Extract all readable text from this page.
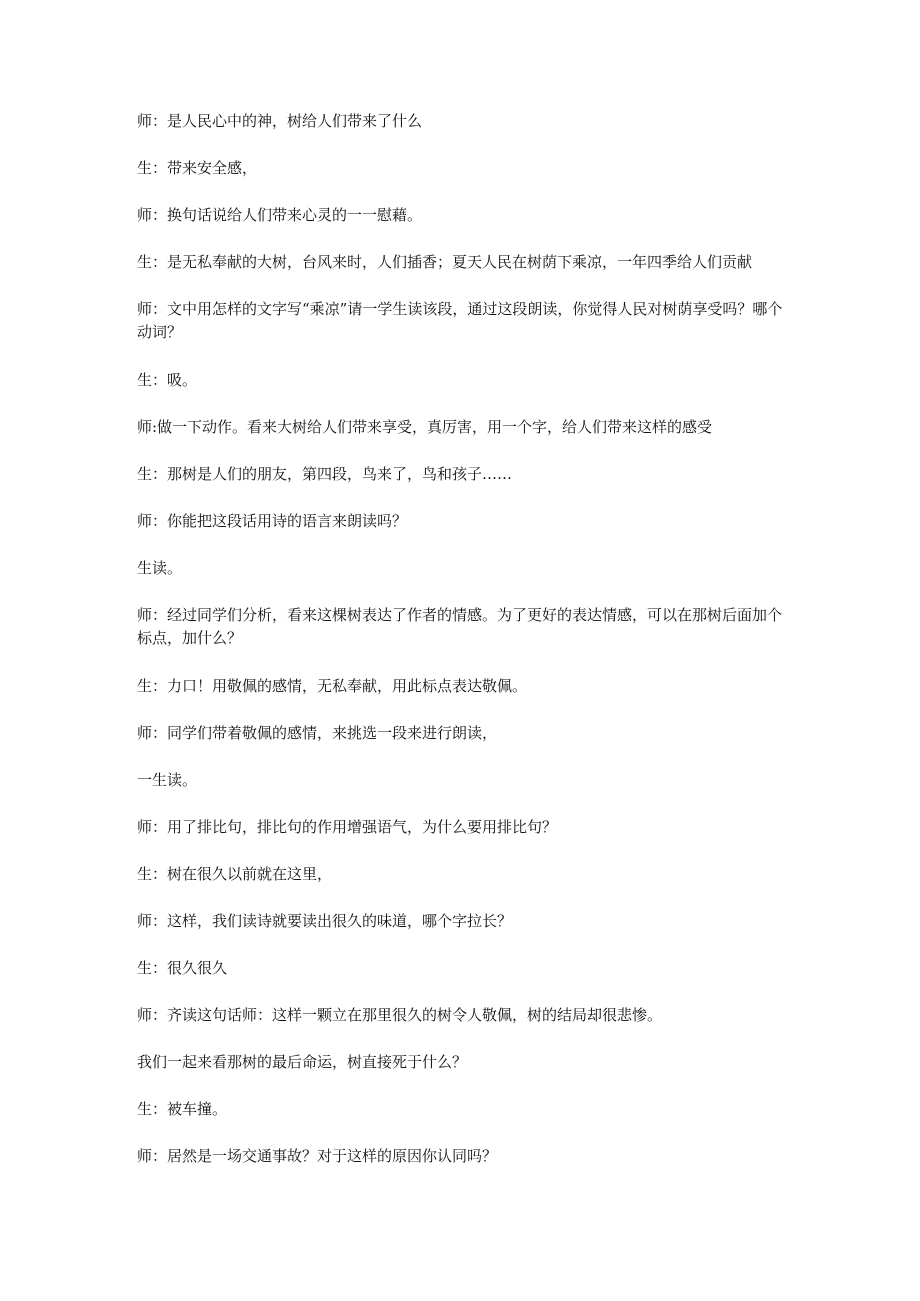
师：是人民心中的神，树给人们带来了什么

生：带来安全感，

师：换句话说给人们带来心灵的一一慰藉。

生：是无私奉献的大树，台风来时，人们插香；夏天人民在树荫下乘凉，一年四季给人们贡献

师：文中用怎样的文字写“乘凉”请一学生读该段，通过这段朗读，你觉得人民对树荫享受吗？哪个动词？

生：吸。

师:做一下动作。看来大树给人们带来享受，真厉害，用一个字，给人们带来这样的感受

生：那树是人们的朋友，第四段，鸟来了，鸟和孩子……

师：你能把这段话用诗的语言来朗读吗？

生读。

师：经过同学们分析，看来这棵树表达了作者的情感。为了更好的表达情感，可以在那树后面加个标点，加什么？

生：力口！用敬佩的感情，无私奉献，用此标点表达敬佩。

师：同学们带着敬佩的感情，来挑选一段来进行朗读，

一生读。

师：用了排比句，排比句的作用增强语气，为什么要用排比句？

生：树在很久以前就在这里，

师：这样，我们读诗就要读出很久的味道，哪个字拉长？

生：很久很久

师：齐读这句话师：这样一颗立在那里很久的树令人敬佩，树的结局却很悲惨。

我们一起来看那树的最后命运，树直接死于什么？

生：被车撞。

师：居然是一场交通事故？对于这样的原因你认同吗？
